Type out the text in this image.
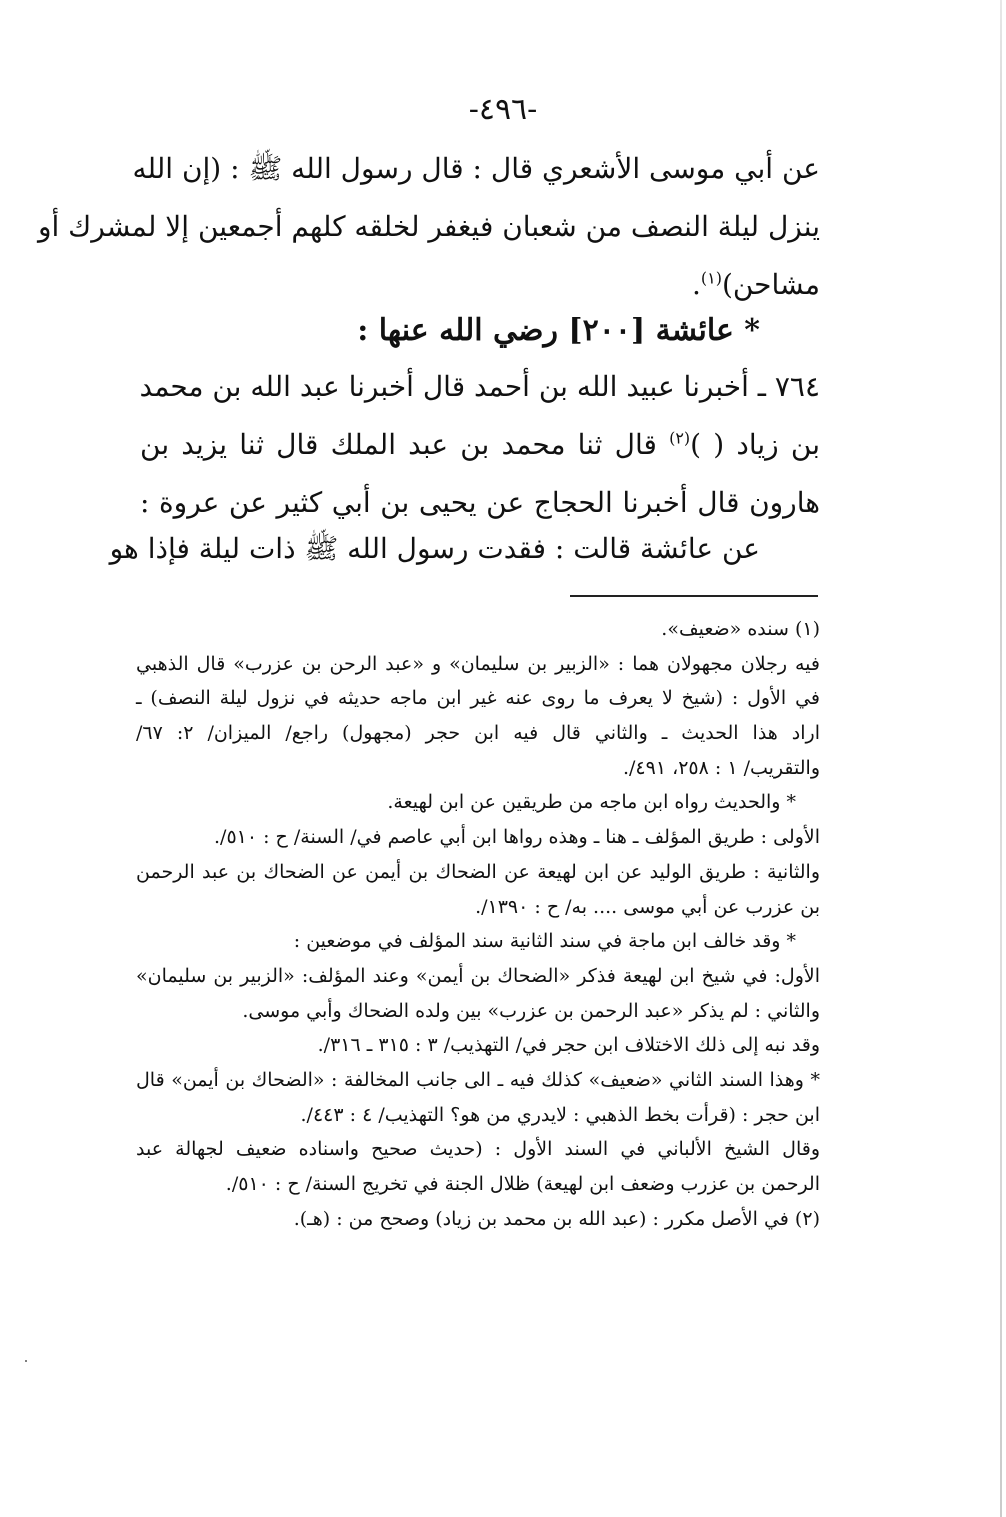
-٤٩٦-
عن أبي موسى الأشعري قال : قال رسول الله ﷺ : (إن الله
ينزل ليلة النصف من شعبان فيغفر لخلقه كلهم أجمعين إلا لمشرك أو
مشاحن)$^{(١)}$.
* عائشة [٢٠٠] رضي الله عنها :
٧٦٤ ـ أخبرنا عبيد الله بن أحمد قال أخبرنا عبد الله بن محمد
بن زياد ( )$^{(٢)}$ قال ثنا محمد بن عبد الملك قال ثنا يزيد بن
هارون قال أخبرنا الحجاج عن يحيى بن أبي كثير عن عروة :
عن عائشة قالت : فقدت رسول الله ﷺ ذات ليلة فإذا هو
(١) سنده «ضعيف».
فيه رجلان مجهولان هما : «الزبير بن سليمان» و «عبد الرحن بن عزرب» قال الذهبي
في الأول : (شيخ لا يعرف ما روى عنه غير ابن ماجه حديثه في نزول ليلة النصف) ـ
اراد هذا الحديث ـ والثاني قال فيه ابن حجر (مجهول) راجع/ الميزان/ ٢: ٦٧/
والتقريب/ ١ : ٢٥٨، ٤٩١/.
* والحديث رواه ابن ماجه من طريقين عن ابن لهيعة.
الأولى : طريق المؤلف ـ هنا ـ وهذه رواها ابن أبي عاصم في/ السنة/ ح : ٥١٠/.
والثانية : طريق الوليد عن ابن لهيعة عن الضحاك بن أيمن عن الضحاك بن عبد الرحمن
بن عزرب عن أبي موسى .... به/ ح : ١٣٩٠/.
* وقد خالف ابن ماجة في سند الثانية سند المؤلف في موضعين :
الأول: في شيخ ابن لهيعة فذكر «الضحاك بن أيمن» وعند المؤلف: «الزبير بن سليمان»
والثاني : لم يذكر «عبد الرحمن بن عزرب» بين ولده الضحاك وأبي موسى.
وقد نبه إلى ذلك الاختلاف ابن حجر في/ التهذيب/ ٣ : ٣١٥ ـ ٣١٦/.
* وهذا السند الثاني «ضعيف» كذلك فيه ـ الى جانب المخالفة : «الضحاك بن أيمن» قال
ابن حجر : (قرأت بخط الذهبي : لايدري من هو؟ التهذيب/ ٤ : ٤٤٣/.
وقال الشيخ الألباني في السند الأول : (حديث صحيح واسناده ضعيف لجهالة عبد
الرحمن بن عزرب وضعف ابن لهيعة) ظلال الجنة في تخريج السنة/ ح : ٥١٠/.
(٢) في الأصل مكرر : (عبد الله بن محمد بن زياد) وصحح من : (هـ).
